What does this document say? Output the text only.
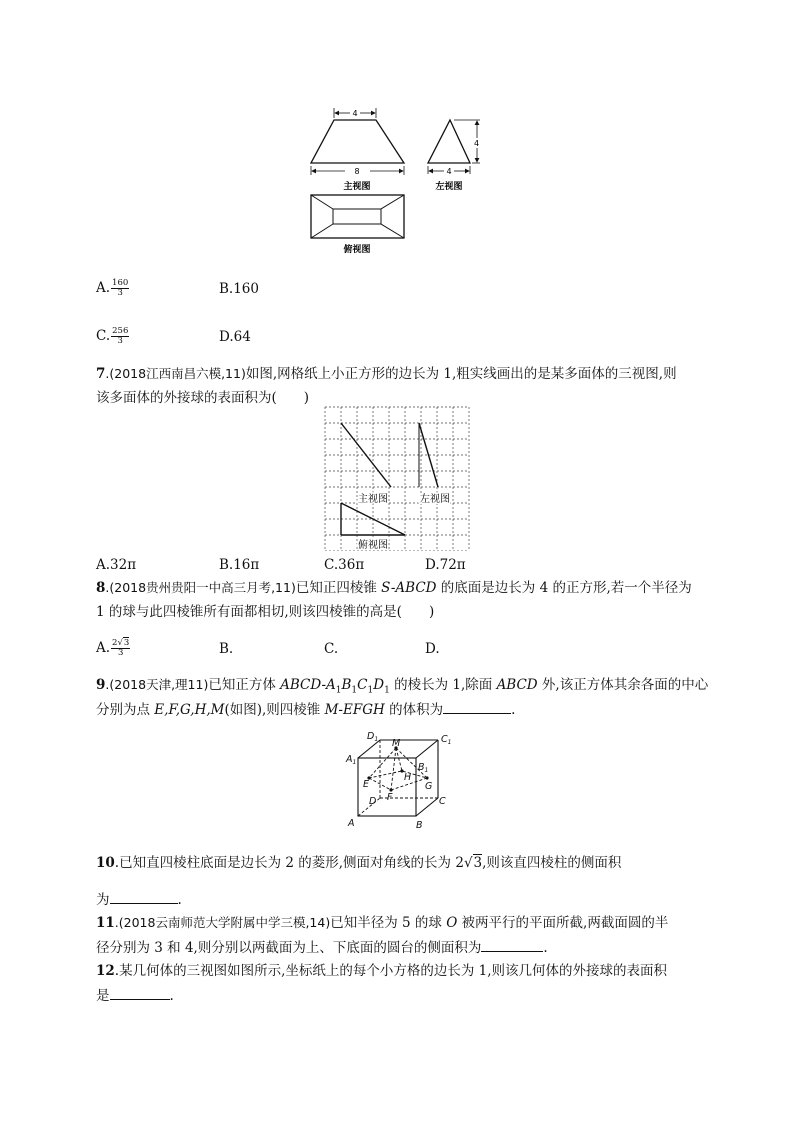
4
8
主视图
4
4
左视图
俯视图
A. $\frac{160}{3}$	B.160
C. $\frac{256}{3}$	D.64
7.(2018江西南昌六模,11)如图,网格纸上小正方形的边长为 1,粗实线画出的是某多面体的三视图,则
该多面体的外接球的表面积为(　　)
主视图	左视图
俯视图
A.32π	B.16π	C.36π	D.72π
8.(2018贵州贵阳一中高三月考,11)已知正四棱锥 S-ABCD 的底面是边长为 4 的正方形,若一个半径为
1 的球与此四棱锥所有面都相切,则该四棱锥的高是(　　)
A. $\frac{2√3}{3}$	B.	C.	D.
9.(2018天津,理11)已知正方体 ABCD-$A_1B_1C_1D_1$ 的棱长为 1,除面 ABCD 外,该正方体其余各面的中心
分别为点 E,F,G,H,M(如图),则四棱锥 M-EFGH 的体积为	.
$D_1$	$C_1$
$A_1$	$B_1$
M
H
E
F
G
D	C
A	B
10.已知直四棱柱底面是边长为 2 的菱形,侧面对角线的长为 2√3,则该直四棱柱的侧面积
为	.
11.(2018云南师范大学附属中学三模,14)已知半径为 5 的球 O 被两平行的平面所截,两截面圆的半
径分别为 3 和 4,则分别以两截面为上、下底面的圆台的侧面积为	.
12.某几何体的三视图如图所示,坐标纸上的每个小方格的边长为 1,则该几何体的外接球的表面积
是	.
